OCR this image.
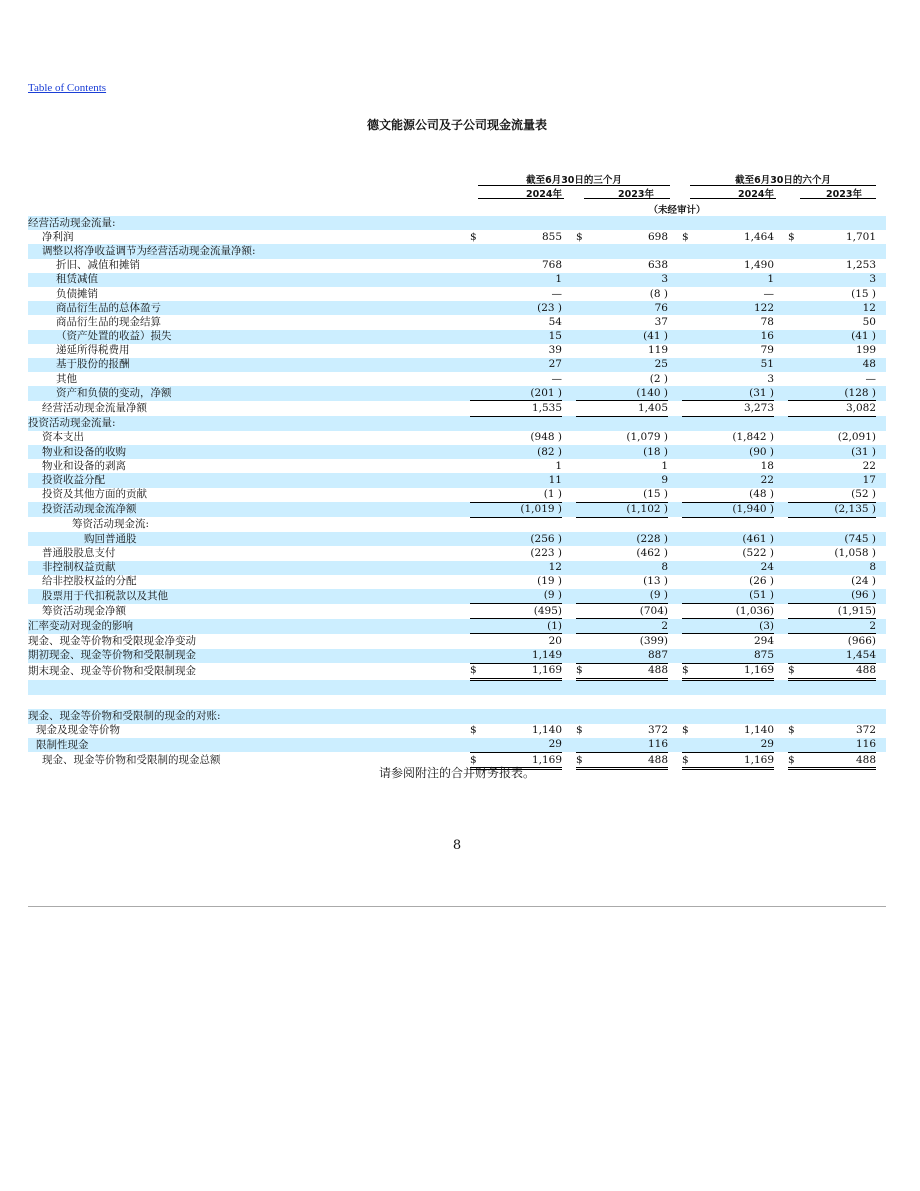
Table of Contents
德文能源公司及子公司现金流量表
截至6月30日的三个月	截至6月30日的六个月
2024年	2023年	2024年	2023年
（未经审计）
经营活动现金流量:												
净利润	$	855		$	698		$	1,464		$	1,701	
调整以将净收益调节为经营活动现金流量净额:												
折旧、减值和摊销		768			638			1,490			1,253	
租赁减值		1			3			1			3	
负债摊销		—			(8 )			—			(15 )	
商品衍生品的总体盈亏		(23 )			76			122			12	
商品衍生品的现金结算		54			37			78			50	
（资产处置的收益）损失		15			(41 )			16			(41 )	
递延所得税费用		39			119			79			199	
基于股份的报酬		27			25			51			48	
其他		—			(2 )			3			—	
资产和负债的变动，净额		(201 )			(140 )			(31 )			(128 )	
经营活动现金流量净额		1,535			1,405			3,273			3,082	
投资活动现金流量:												
资本支出		(948 )			(1,079 )			(1,842 )			(2,091)	
物业和设备的收购		(82 )			(18 )			(90 )			(31 )	
物业和设备的剥离		1			1			18			22	
投资收益分配		11			9			22			17	
投资及其他方面的贡献		(1 )			(15 )			(48 )			(52 )	
投资活动现金流净额		(1,019 )			(1,102 )			(1,940 )			(2,135 )	
筹资活动现金流:												
购回普通股		(256 )			(228 )			(461 )			(745 )	
普通股股息支付		(223 )			(462 )			(522 )			(1,058 )	
非控制权益贡献		12			8			24			8	
给非控股权益的分配		(19 )			(13 )			(26 )			(24 )	
股票用于代扣税款以及其他		(9 )			(9 )			(51 )			(96 )	
筹资活动现金净额		(495)			(704)			(1,036)			(1,915)	
汇率变动对现金的影响		(1)			2			(3)			2	
现金、现金等价物和受限现金净变动		20			(399)			294			(966)	
期初现金、现金等价物和受限制现金		1,149			887			875			1,454	
期末现金、现金等价物和受限制现金	$	1,169		$	488		$	1,169		$	488	

现金、现金等价物和受限制的现金的对账:												
现金及现金等价物	$	1,140		$	372		$	1,140		$	372	
限制性现金		29			116			29			116	
现金、现金等价物和受限制的现金总额	$	1,169		$	488		$	1,169		$	488	
请参阅附注的合并财务报表。
8
